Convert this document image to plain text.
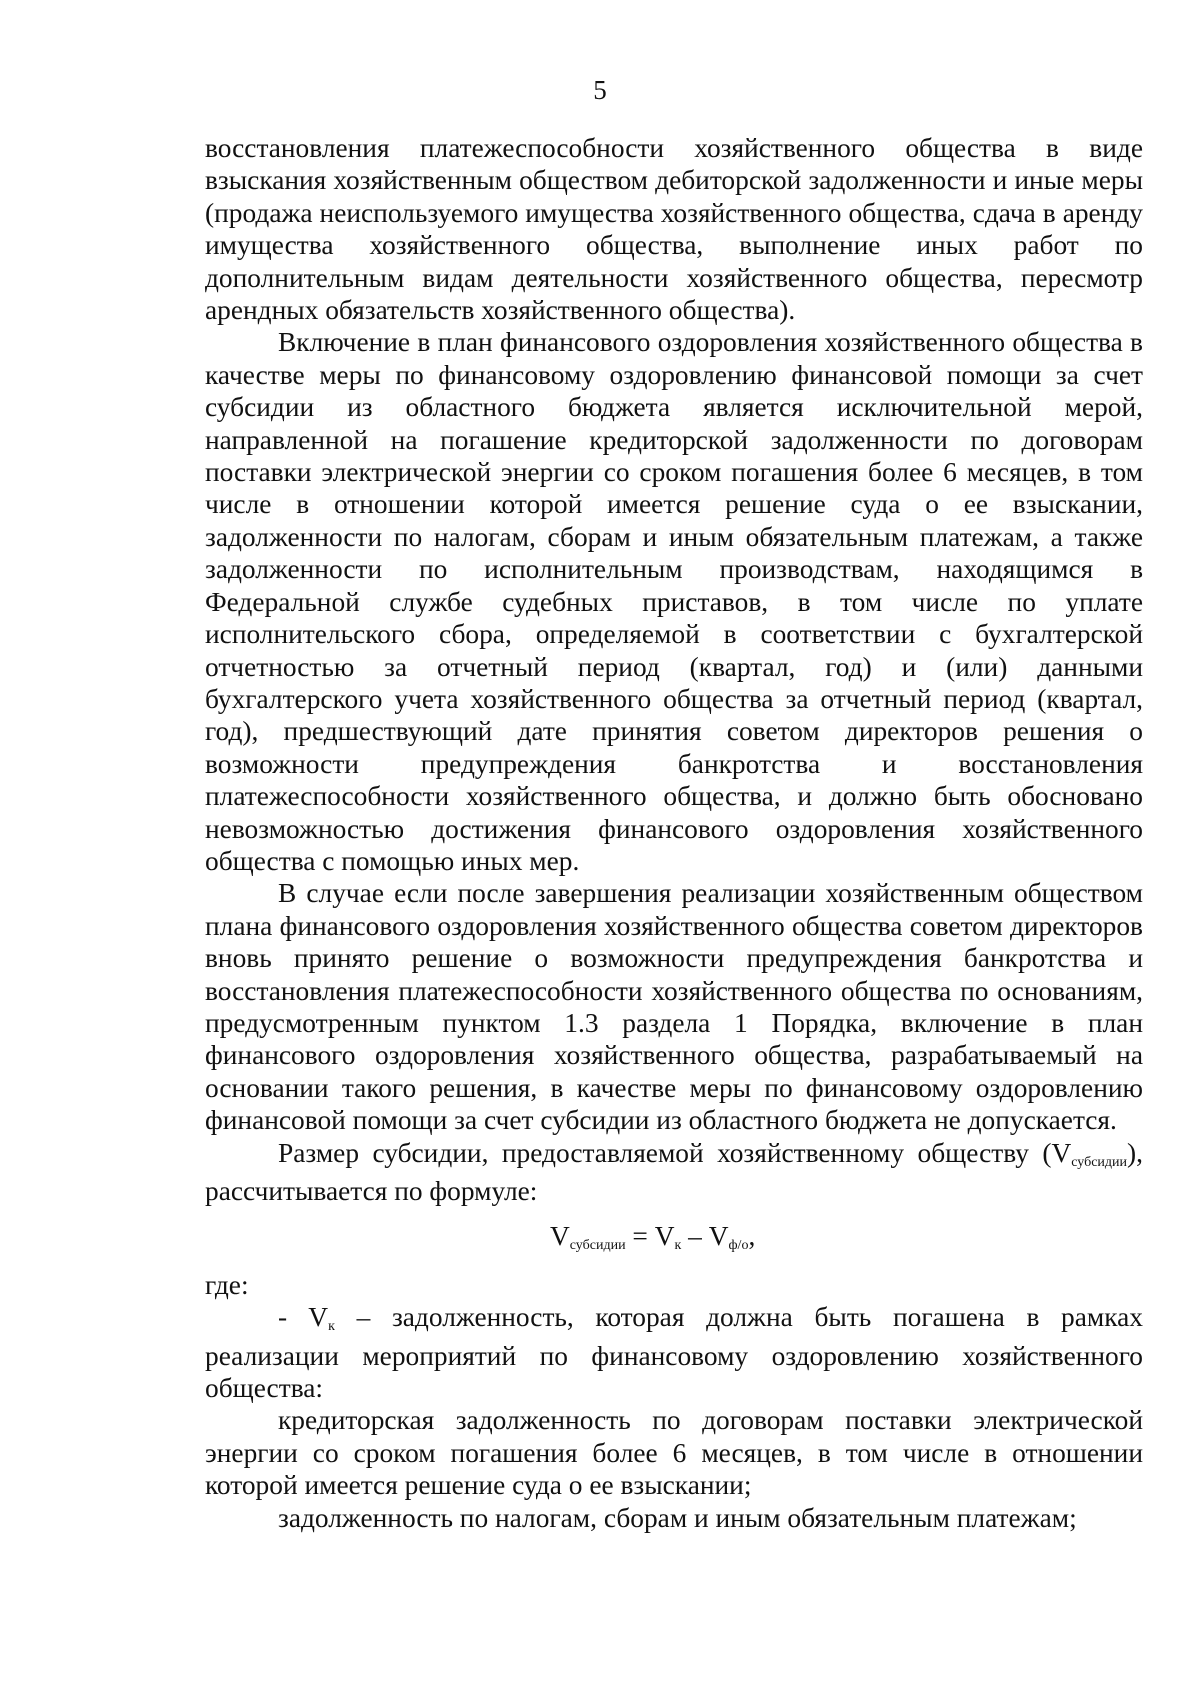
5

восстановления платежеспособности хозяйственного общества в виде взыскания хозяйственным обществом дебиторской задолженности и иные меры (продажа неиспользуемого имущества хозяйственного общества, сдача в аренду имущества хозяйственного общества, выполнение иных работ по дополнительным видам деятельности хозяйственного общества, пересмотр арендных обязательств хозяйственного общества).

Включение в план финансового оздоровления хозяйственного общества в качестве меры по финансовому оздоровлению финансовой помощи за счет субсидии из областного бюджета является исключительной мерой, направленной на погашение кредиторской задолженности по договорам поставки электрической энергии со сроком погашения более 6 месяцев, в том числе в отношении которой имеется решение суда о ее взыскании, задолженности по налогам, сборам и иным обязательным платежам, а также задолженности по исполнительным производствам, находящимся в Федеральной службе судебных приставов, в том числе по уплате исполнительского сбора, определяемой в соответствии с бухгалтерской отчетностью за отчетный период (квартал, год) и (или) данными бухгалтерского учета хозяйственного общества за отчетный период (квартал, год), предшествующий дате принятия советом директоров решения о возможности предупреждения банкротства и восстановления платежеспособности хозяйственного общества, и должно быть обосновано невозможностью достижения финансового оздоровления хозяйственного общества с помощью иных мер.

В случае если после завершения реализации хозяйственным обществом плана финансового оздоровления хозяйственного общества советом директоров вновь принято решение о возможности предупреждения банкротства и восстановления платежеспособности хозяйственного общества по основаниям, предусмотренным пунктом 1.3 раздела 1 Порядка, включение в план финансового оздоровления хозяйственного общества, разрабатываемый на основании такого решения, в качестве меры по финансовому оздоровлению финансовой помощи за счет субсидии из областного бюджета не допускается.

Размер субсидии, предоставляемой хозяйственному обществу $(V_{субсидии})$, рассчитывается по формуле:

$V_{субсидии} = V_к - V_{ф/о}$,

где:

- $V_к$ – задолженность, которая должна быть погашена в рамках реализации мероприятий по финансовому оздоровлению хозяйственного общества:

кредиторская задолженность по договорам поставки электрической энергии со сроком погашения более 6 месяцев, в том числе в отношении которой имеется решение суда о ее взыскании;

задолженность по налогам, сборам и иным обязательным платежам;
